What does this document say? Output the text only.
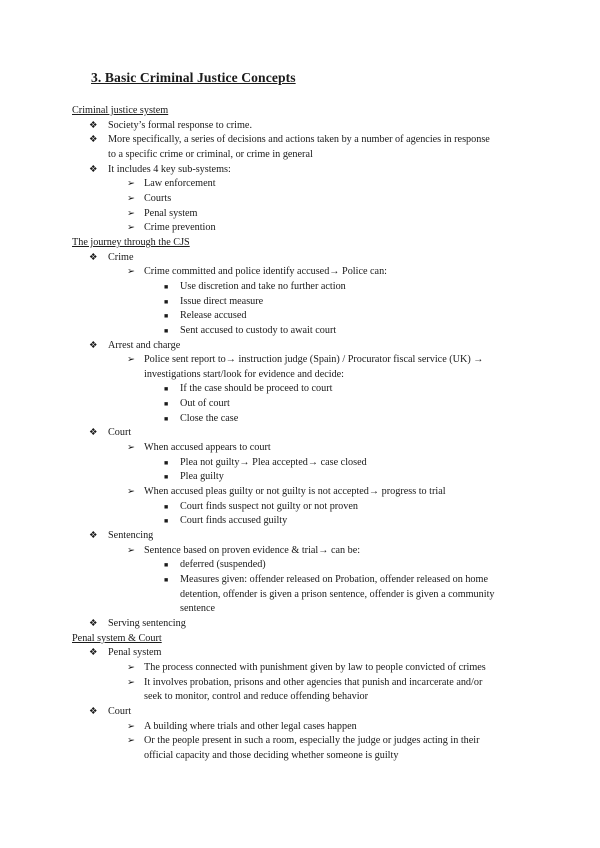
3. Basic Criminal Justice Concepts
Criminal justice system
❖ Society’s formal response to crime.
❖ More specifically, a series of decisions and actions taken by a number of agencies in response
to a specific crime or criminal, or crime in general
❖ It includes 4 key sub-systems:
➢ Law enforcement
➢ Courts
➢ Penal system
➢ Crime prevention
The journey through the CJS
❖ Crime
➢ Crime committed and police identify accused→ Police can:
■ Use discretion and take no further action
■ Issue direct measure
■ Release accused
■ Sent accused to custody to await court
❖ Arrest and charge
➢ Police sent report to→ instruction judge (Spain) / Procurator fiscal service (UK) →
investigations start/look for evidence and decide:
■ If the case should be proceed to court
■ Out of court
■ Close the case
❖ Court
➢ When accused appears to court
■ Plea not guilty→ Plea accepted→ case closed
■ Plea guilty
➢ When accused pleas guilty or not guilty is not accepted→ progress to trial
■ Court finds suspect not guilty or not proven
■ Court finds accused guilty
❖ Sentencing
➢ Sentence based on proven evidence & trial→ can be:
■ deferred (suspended)
■ Measures given: offender released on Probation, offender released on home
detention, offender is given a prison sentence, offender is given a community
sentence
❖ Serving sentencing
Penal system & Court
❖ Penal system
➢ The process connected with punishment given by law to people convicted of crimes
➢ It involves probation, prisons and other agencies that punish and incarcerate and/or
seek to monitor, control and reduce offending behavior
❖ Court
➢ A building where trials and other legal cases happen
➢ Or the people present in such a room, especially the judge or judges acting in their
official capacity and those deciding whether someone is guilty
